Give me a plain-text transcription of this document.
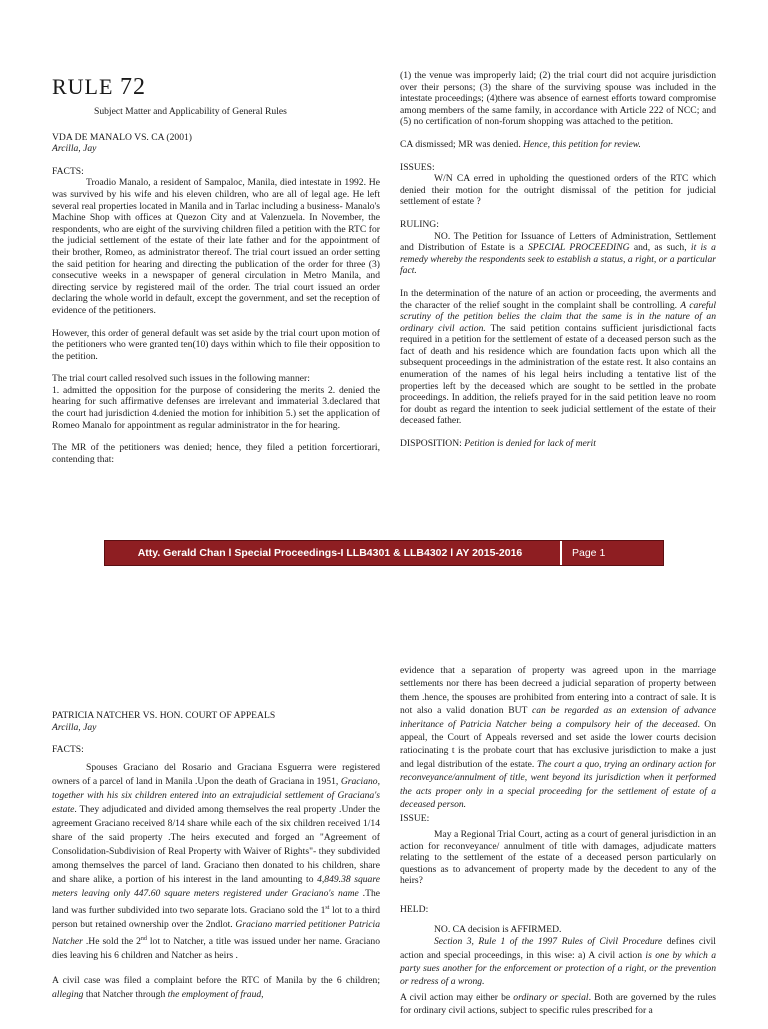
RULE 72

Subject Matter and Applicability of General Rules

VDA DE MANALO VS. CA (2001)

Arcilla, Jay

FACTS:

Troadio Manalo, a resident of Sampaloc, Manila, died intestate in 1992. He was survived by his wife and his eleven children, who are all of legal age. He left several real properties located in Manila and in Tarlac including a business- Manalo's Machine Shop with offices at Quezon City and at Valenzuela. In November, the respondents, who are eight of the surviving children filed a petition with the RTC for the judicial settlement of the estate of their late father and for the appointment of their brother, Romeo, as administrator thereof. The trial court issued an order setting the said petition for hearing and directing the publication of the order for three (3) consecutive weeks in a newspaper of general circulation in Metro Manila, and directing service by registered mail of the order. The trial court issued an order declaring the whole world in default, except the government, and set the reception of evidence of the petitioners.

However, this order of general default was set aside by the trial court upon motion of the petitioners who were granted ten(10) days within which to file their opposition to the petition.

The trial court called resolved such issues in the following manner:

1. admitted the opposition for the purpose of considering the merits 2. denied the hearing for such affirmative defenses are irrelevant and immaterial 3.declared that the court had jurisdiction 4.denied the motion for inhibition 5.) set the application of Romeo Manalo for appointment as regular administrator in the for hearing.

The MR of the petitioners was denied; hence, they filed a petition forcertiorari, contending that:

(1) the venue was improperly laid; (2) the trial court did not acquire jurisdiction over their persons; (3) the share of the surviving spouse was included in the intestate proceedings; (4)there was absence of earnest efforts toward compromise among members of the same family, in accordance with Article 222 of NCC; and (5) no certification of non-forum shopping was attached to the petition.

CA dismissed; MR was denied. Hence, this petition for review.

ISSUES:

W/N CA erred in upholding the questioned orders of the RTC which denied their motion for the outright dismissal of the petition for judicial settlement of estate ?

RULING:

NO. The Petition for Issuance of Letters of Administration, Settlement and Distribution of Estate is a SPECIAL PROCEEDING and, as such, it is a remedy whereby the respondents seek to establish a status, a right, or a particular fact.

In the determination of the nature of an action or proceeding, the averments and the character of the relief sought in the complaint shall be controlling. A careful scrutiny of the petition belies the claim that the same is in the nature of an ordinary civil action. The said petition contains sufficient jurisdictional facts required in a petition for the settlement of estate of a deceased person such as the fact of death and his residence which are foundation facts upon which all the subsequent proceedings in the administration of the estate rest. It also contains an enumeration of the names of his legal heirs including a tentative list of the properties left by the deceased which are sought to be settled in the probate proceedings. In addition, the reliefs prayed for in the said petition leave no room for doubt as regard the intention to seek judicial settlement of the estate of their deceased father.

DISPOSITION: Petition is denied for lack of merit

Atty. Gerald Chan l Special Proceedings-I LLB4301 & LLB4302 l AY 2015-2016	Page 1

PATRICIA NATCHER VS. HON. COURT OF APPEALS

Arcilla, Jay

FACTS:

Spouses Graciano del Rosario and Graciana Esguerra were registered owners of a parcel of land in Manila .Upon the death of Graciana in 1951, Graciano, together with his six children entered into an extrajudicial settlement of Graciana's estate. They adjudicated and divided among themselves the real property .Under the agreement Graciano received 8/14 share while each of the six children received 1/14 share of the said property .The heirs executed and forged an "Agreement of Consolidation-Subdivision of Real Property with Waiver of Rights"- they subdivided among themselves the parcel of land. Graciano then donated to his children, share and share alike, a portion of his interest in the land amounting to 4,849.38 square meters leaving only 447.60 square meters registered under Graciano's name .The land was further subdivided into two separate lots. Graciano sold the 1st lot to a third person but retained ownership over the 2ndlot. Graciano married petitioner Patricia Natcher .He sold the 2nd lot to Natcher, a title was issued under her name. Graciano dies leaving his 6 children and Natcher as heirs .

A civil case was filed a complaint before the RTC of Manila by the 6 children; alleging that Natcher through the employment of fraud,

evidence that a separation of property was agreed upon in the marriage settlements nor there has been decreed a judicial separation of property between them .hence, the spouses are prohibited from entering into a contract of sale. It is not also a valid donation BUT can be regarded as an extension of advance inheritance of Patricia Natcher being a compulsory heir of the deceased. On appeal, the Court of Appeals reversed and set aside the lower courts decision ratiocinating t is the probate court that has exclusive jurisdiction to make a just and legal distribution of the estate. The court a quo, trying an ordinary action for reconveyance/annulment of title, went beyond its jurisdiction when it performed the acts proper only in a special proceeding for the settlement of estate of a deceased person.

ISSUE:

May a Regional Trial Court, acting as a court of general jurisdiction in an action for reconveyance/ annulment of title with damages, adjudicate matters relating to the settlement of the estate of a deceased person particularly on questions as to advancement of property made by the decedent to any of the heirs?

HELD:

NO. CA decision is AFFIRMED.

Section 3, Rule 1 of the 1997 Rules of Civil Procedure defines civil action and special proceedings, in this wise: a) A civil action is one by which a party sues another for the enforcement or protection of a right, or the prevention or redress of a wrong.

A civil action may either be ordinary or special. Both are governed by the rules for ordinary civil actions, subject to specific rules prescribed for a
